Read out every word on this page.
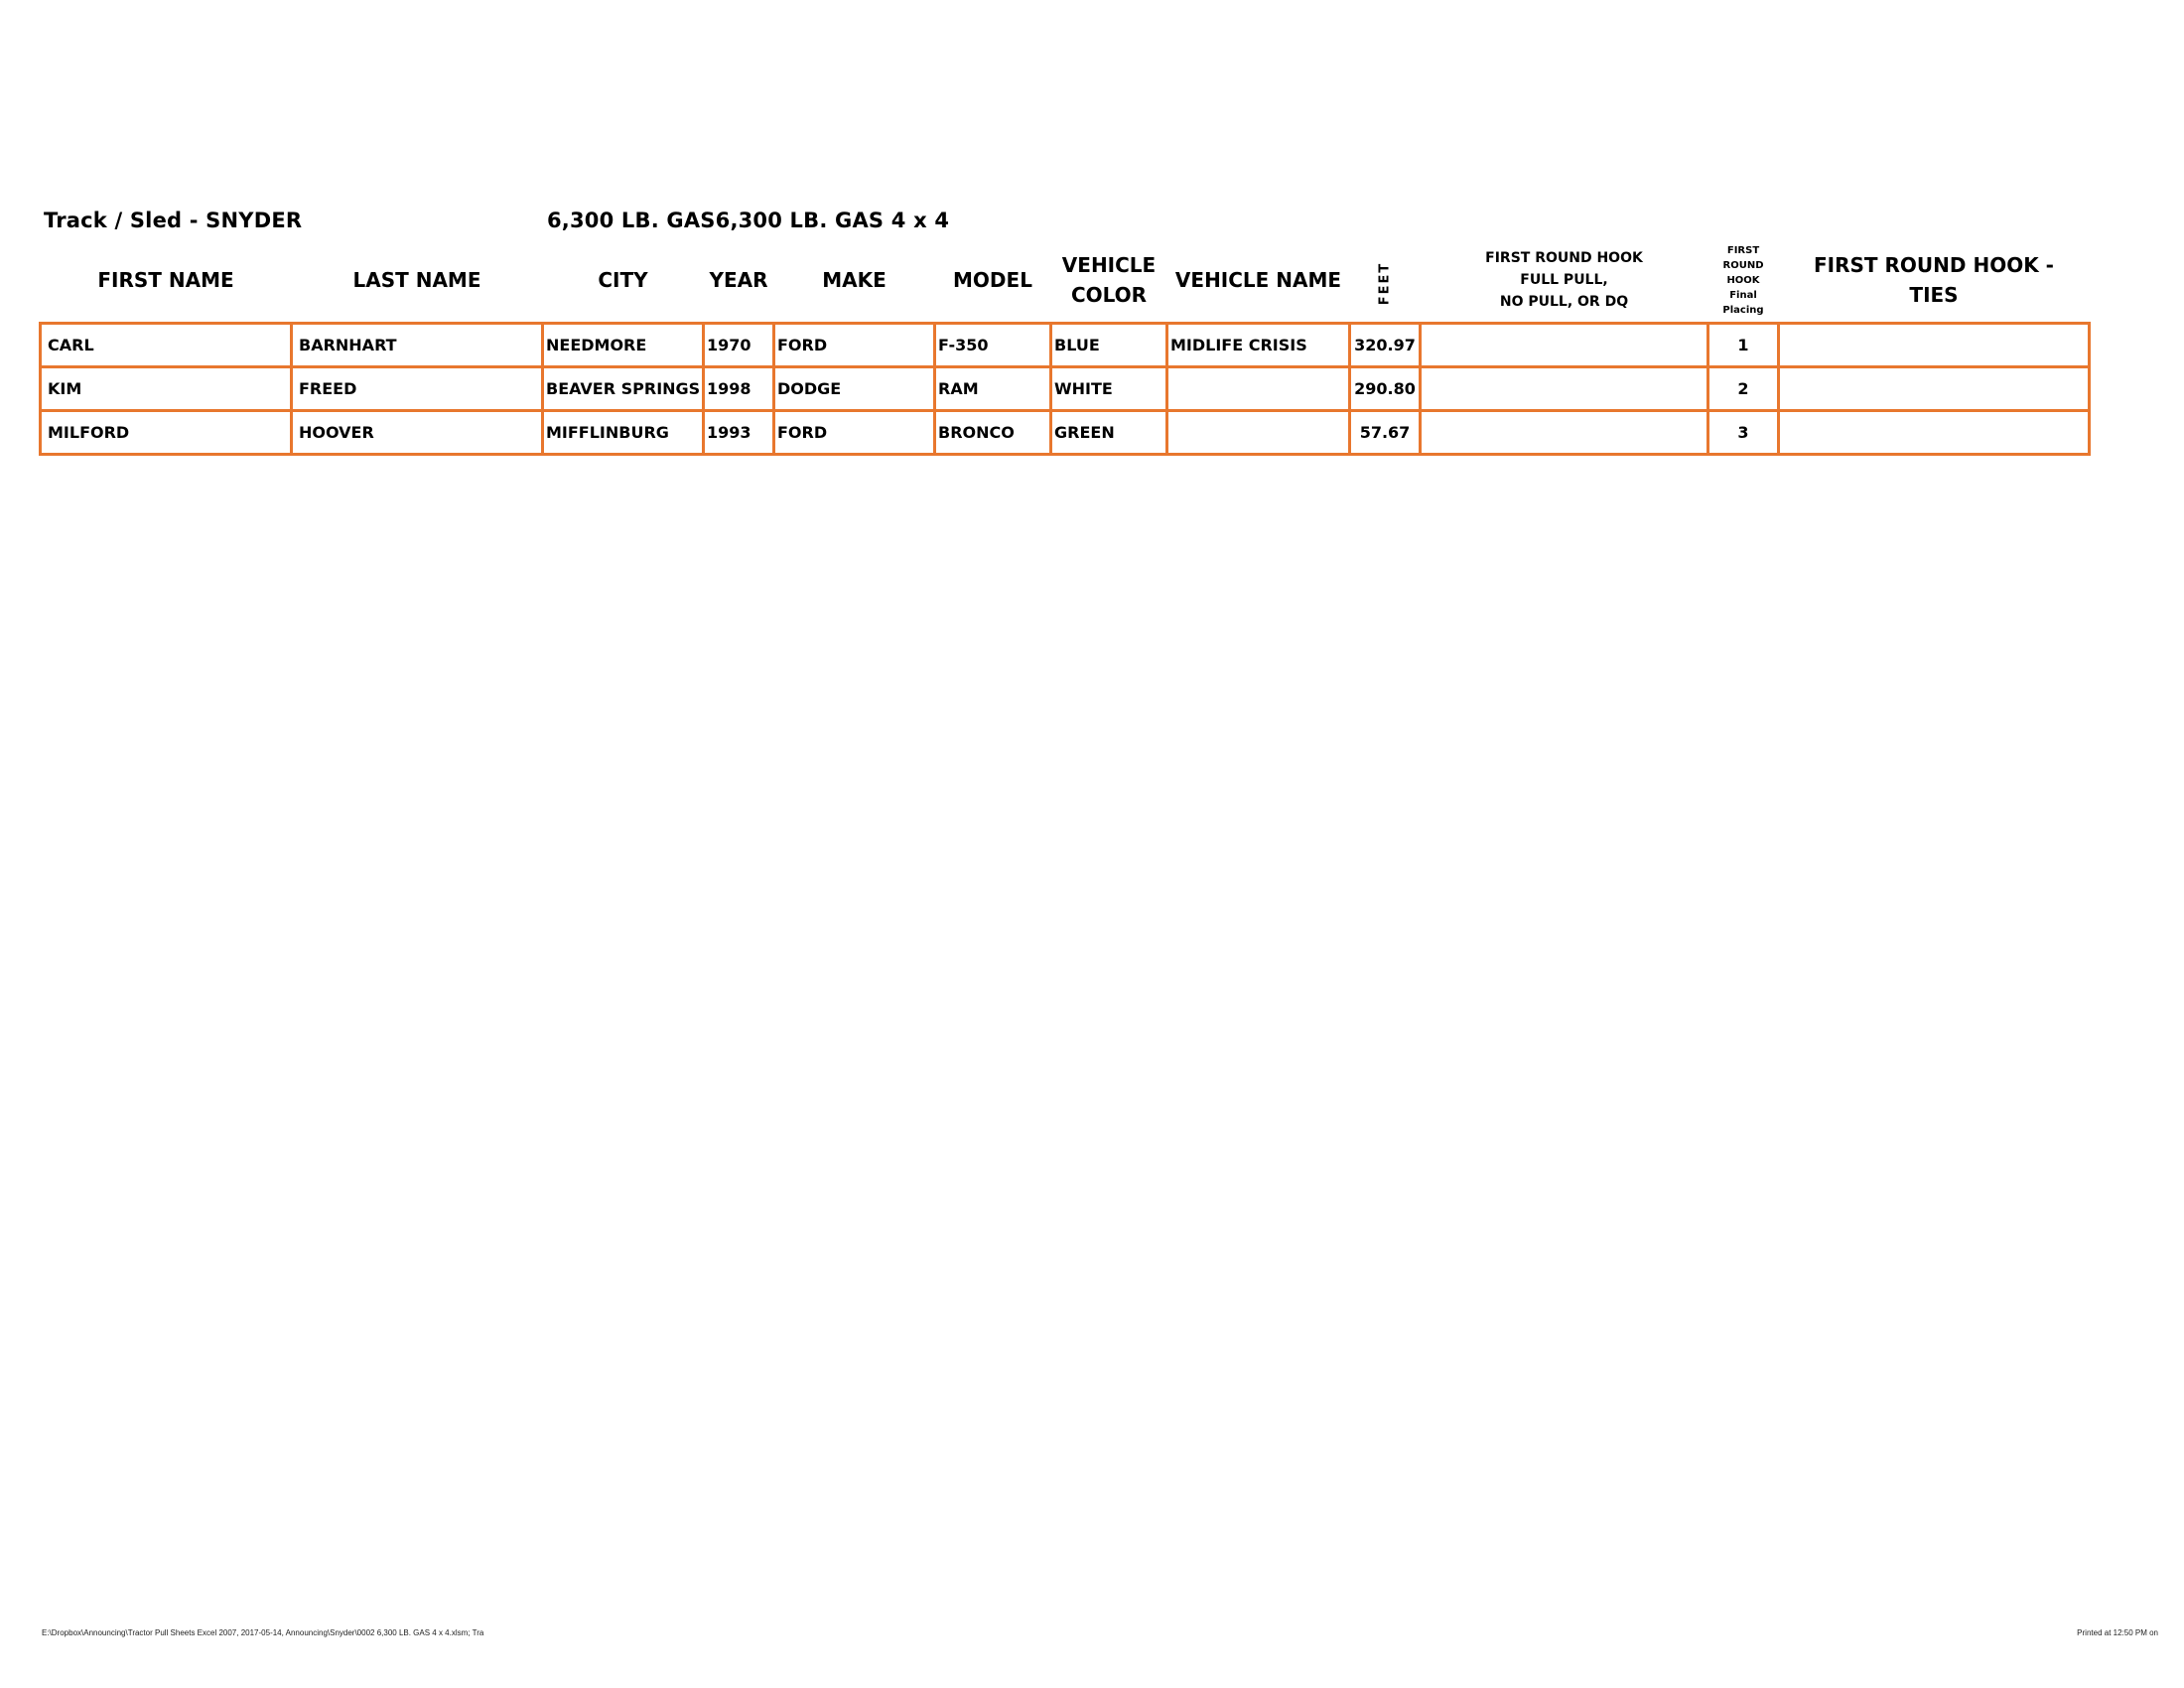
Track / Sled - SNYDER	6,300 LB. GAS6,300 LB. GAS 4 x 4
FIRST NAME	LAST NAME	CITY	YEAR	MAKE	MODEL	VEHICLE
COLOR	VEHICLE NAME	FEET	FIRST ROUND HOOK
FULL PULL,
NO PULL, OR DQ	FIRST
ROUND
HOOK
Final
Placing	FIRST ROUND HOOK -
TIES
CARL	BARNHART	NEEDMORE	1970	FORD	F-350	BLUE	MIDLIFE CRISIS	320.97		1	
KIM	FREED	BEAVER SPRINGS	1998	DODGE	RAM	WHITE		290.80		2	
MILFORD	HOOVER	MIFFLINBURG	1993	FORD	BRONCO	GREEN		57.67		3	
E:\Dropbox\Announcing\Tractor Pull Sheets Excel 2007, 2017-05-14, Announcing\Snyder\0002 6,300 LB. GAS 4 x 4.xlsm; Tra	Printed at 12:50 PM on
